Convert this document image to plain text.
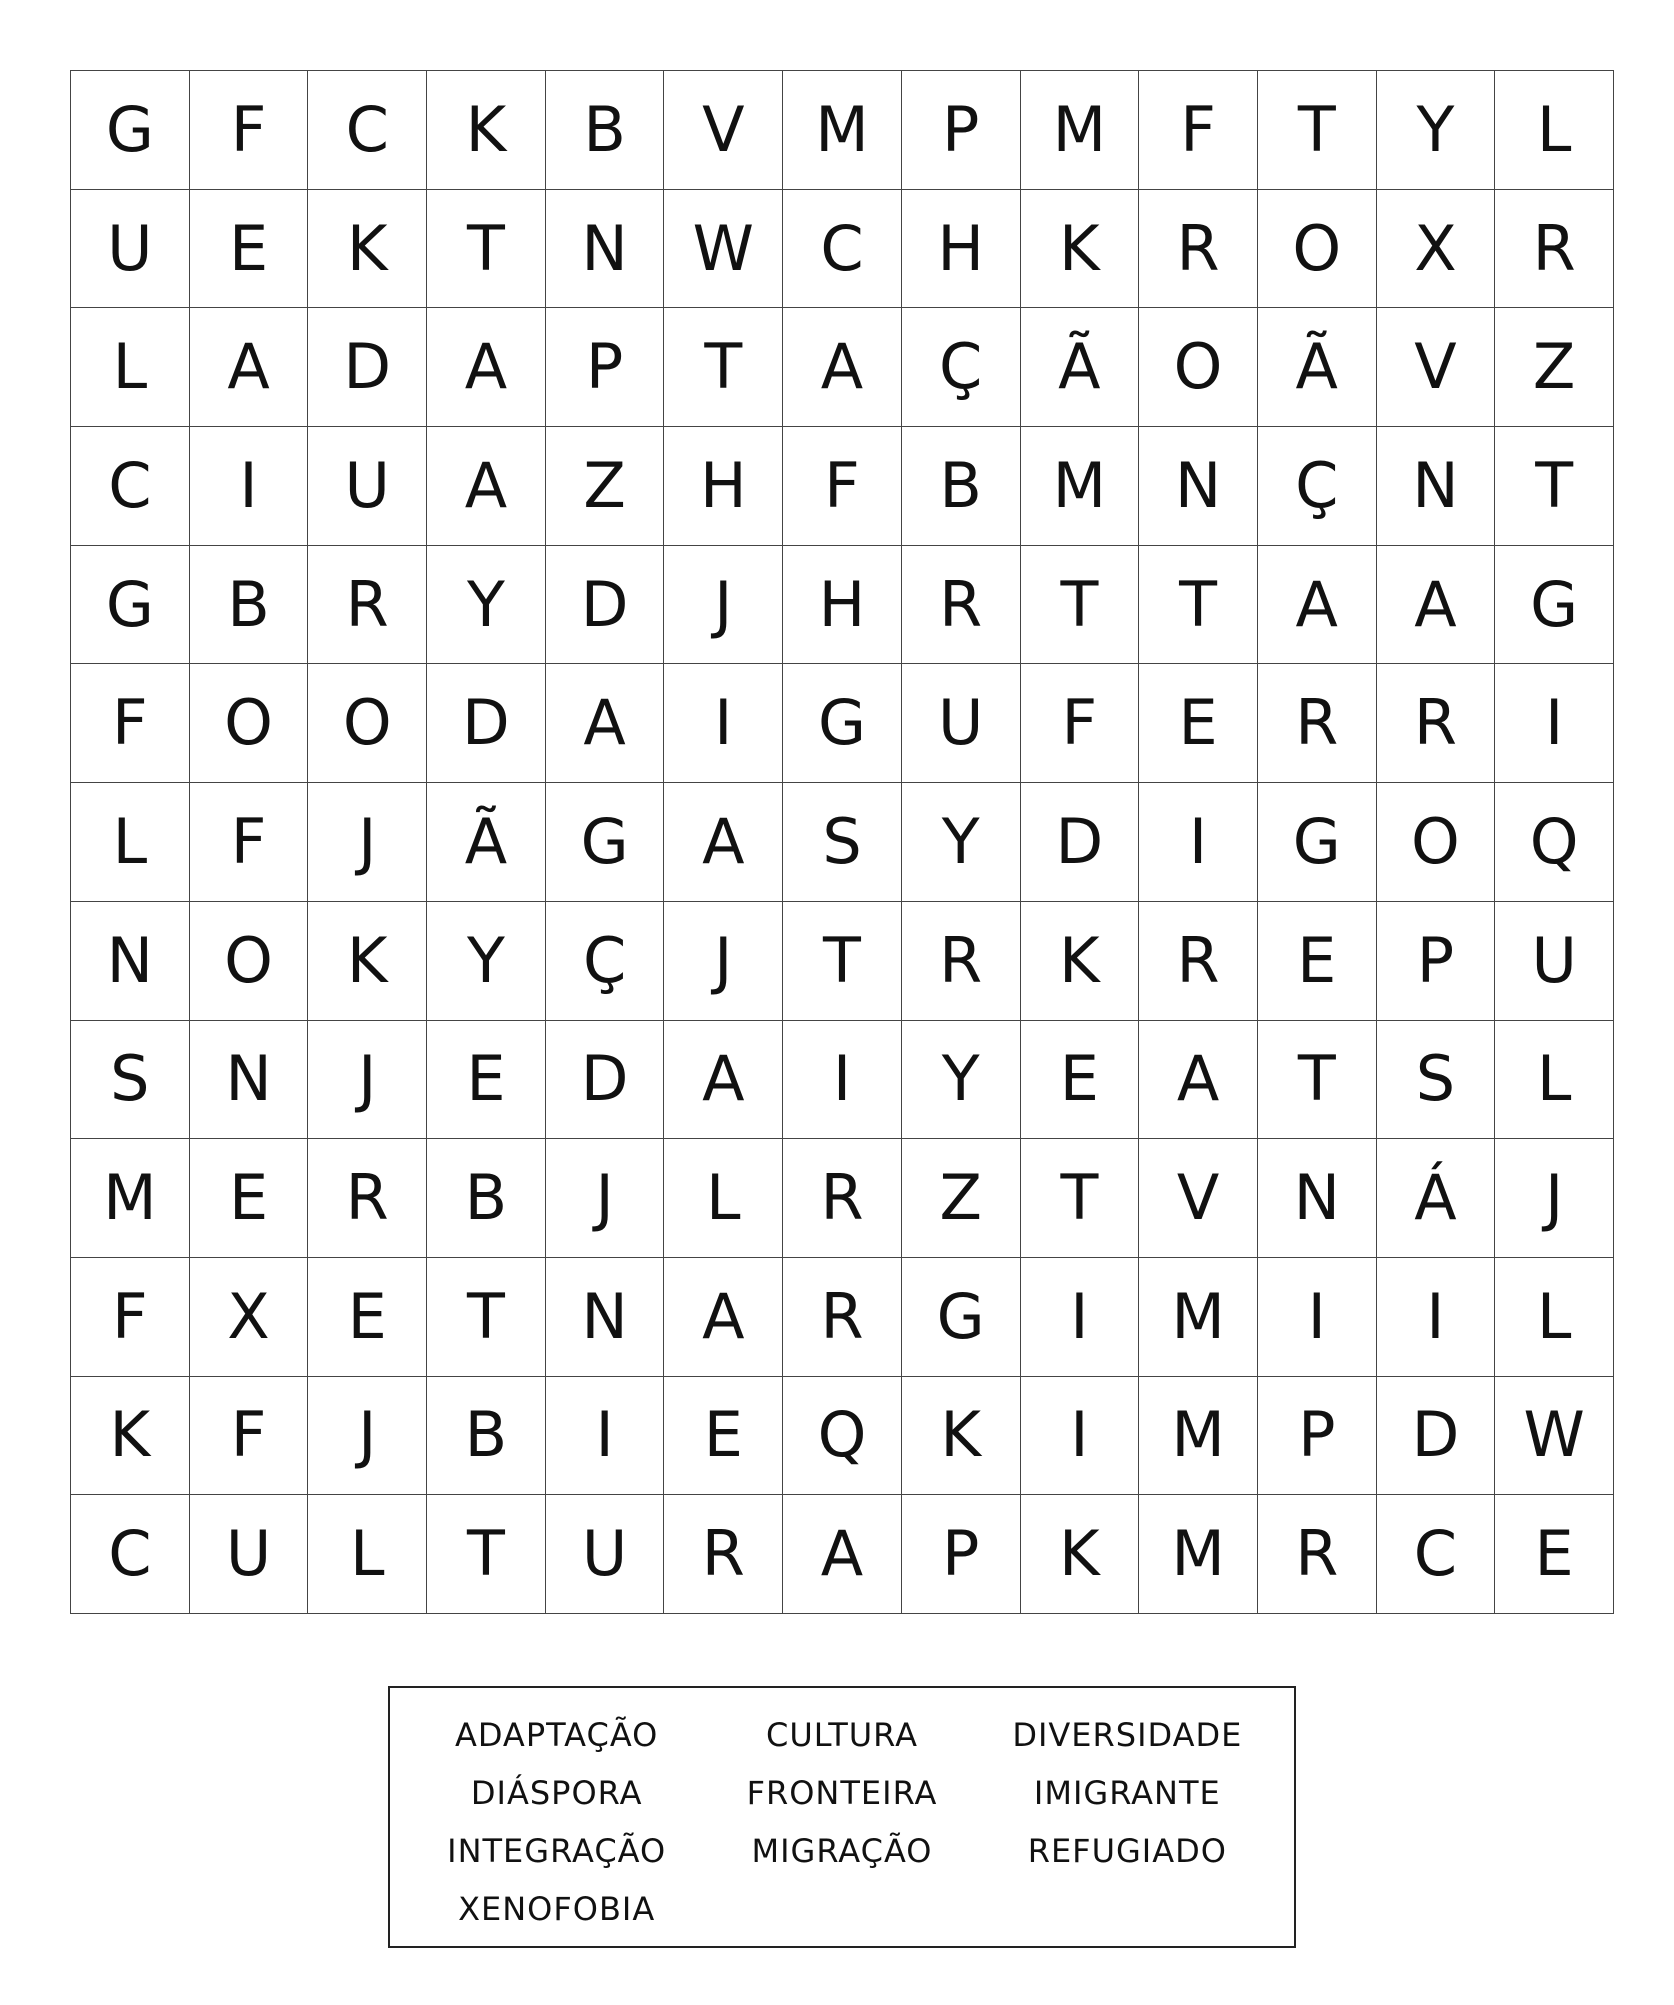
G	F	C	K	B	V	M	P	M	F	T	Y	L
U	E	K	T	N	W	C	H	K	R	O	X	R
L	A	D	A	P	T	A	Ç	Ã	O	Ã	V	Z
C	I	U	A	Z	H	F	B	M	N	Ç	N	T
G	B	R	Y	D	J	H	R	T	T	A	A	G
F	O	O	D	A	I	G	U	F	E	R	R	I
L	F	J	Ã	G	A	S	Y	D	I	G	O	Q
N	O	K	Y	Ç	J	T	R	K	R	E	P	U
S	N	J	E	D	A	I	Y	E	A	T	S	L
M	E	R	B	J	L	R	Z	T	V	N	Á	J
F	X	E	T	N	A	R	G	I	M	I	I	L
K	F	J	B	I	E	Q	K	I	M	P	D	W
C	U	L	T	U	R	A	P	K	M	R	C	E
ADAPTAÇÃO	CULTURA	DIVERSIDADE
DIÁSPORA	FRONTEIRA	IMIGRANTE
INTEGRAÇÃO	MIGRAÇÃO	REFUGIADO
XENOFOBIA
